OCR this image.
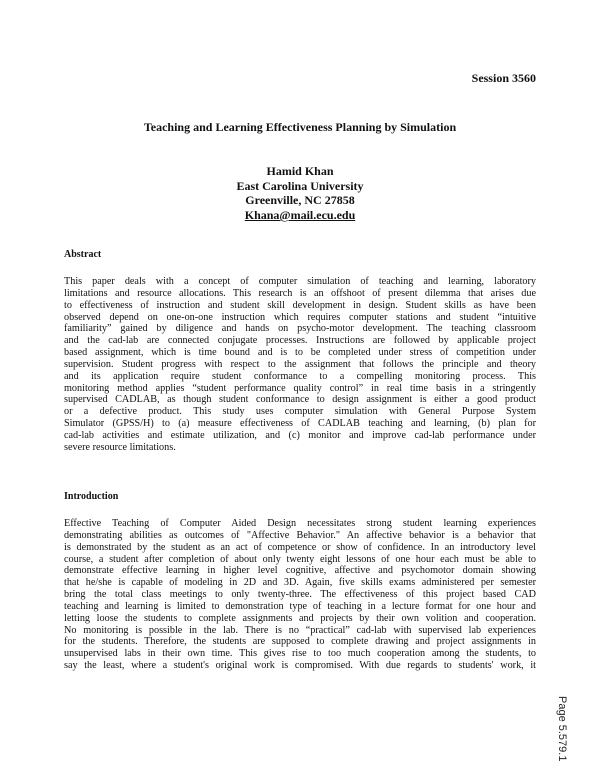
Session 3560
Teaching and Learning Effectiveness Planning by Simulation
Hamid Khan
East Carolina University
Greenville, NC 27858
Khana@mail.ecu.edu
Abstract
This paper deals with a concept of computer simulation of teaching and learning, laboratory
limitations and resource allocations. This research is an offshoot of present dilemma that arises due
to effectiveness of instruction and student skill development in design. Student skills as have been
observed depend on one-on-one instruction which requires computer stations and student “intuitive
familiarity” gained by diligence and hands on psycho-motor development. The teaching classroom
and the cad-lab are connected conjugate processes. Instructions are followed by applicable project
based assignment, which is time bound and is to be completed under stress of competition under
supervision. Student progress with respect to the assignment that follows the principle and theory
and its application require student conformance to a compelling monitoring process. This
monitoring method applies “student performance quality control” in real time basis in a stringently
supervised CADLAB, as though student conformance to design assignment is either a good product
or a defective product. This study uses computer simulation with General Purpose System
Simulator (GPSS/H) to (a) measure effectiveness of CADLAB teaching and learning, (b) plan for
cad-lab activities and estimate utilization, and (c) monitor and improve cad-lab performance under
severe resource limitations.
Introduction
Effective Teaching of Computer Aided Design necessitates strong student learning experiences
demonstrating abilities as outcomes of "Affective Behavior." An affective behavior is a behavior that
is demonstrated by the student as an act of competence or show of confidence. In an introductory level
course, a student after completion of about only twenty eight lessons of one hour each must be able to
demonstrate effective learning in higher level cognitive, affective and psychomotor domain showing
that he/she is capable of modeling in 2D and 3D. Again, five skills exams administered per semester
bring the total class meetings to only twenty-three. The effectiveness of this project based CAD
teaching and learning is limited to demonstration type of teaching in a lecture format for one hour and
letting loose the students to complete assignments and projects by their own volition and cooperation.
No monitoring is possible in the lab. There is no “practical” cad-lab with supervised lab experiences
for the students. Therefore, the students are supposed to complete drawing and project assignments in
unsupervised labs in their own time. This gives rise to too much cooperation among the students, to
say the least, where a student's original work is compromised. With due regards to students' work, it
Page 5.579.1
